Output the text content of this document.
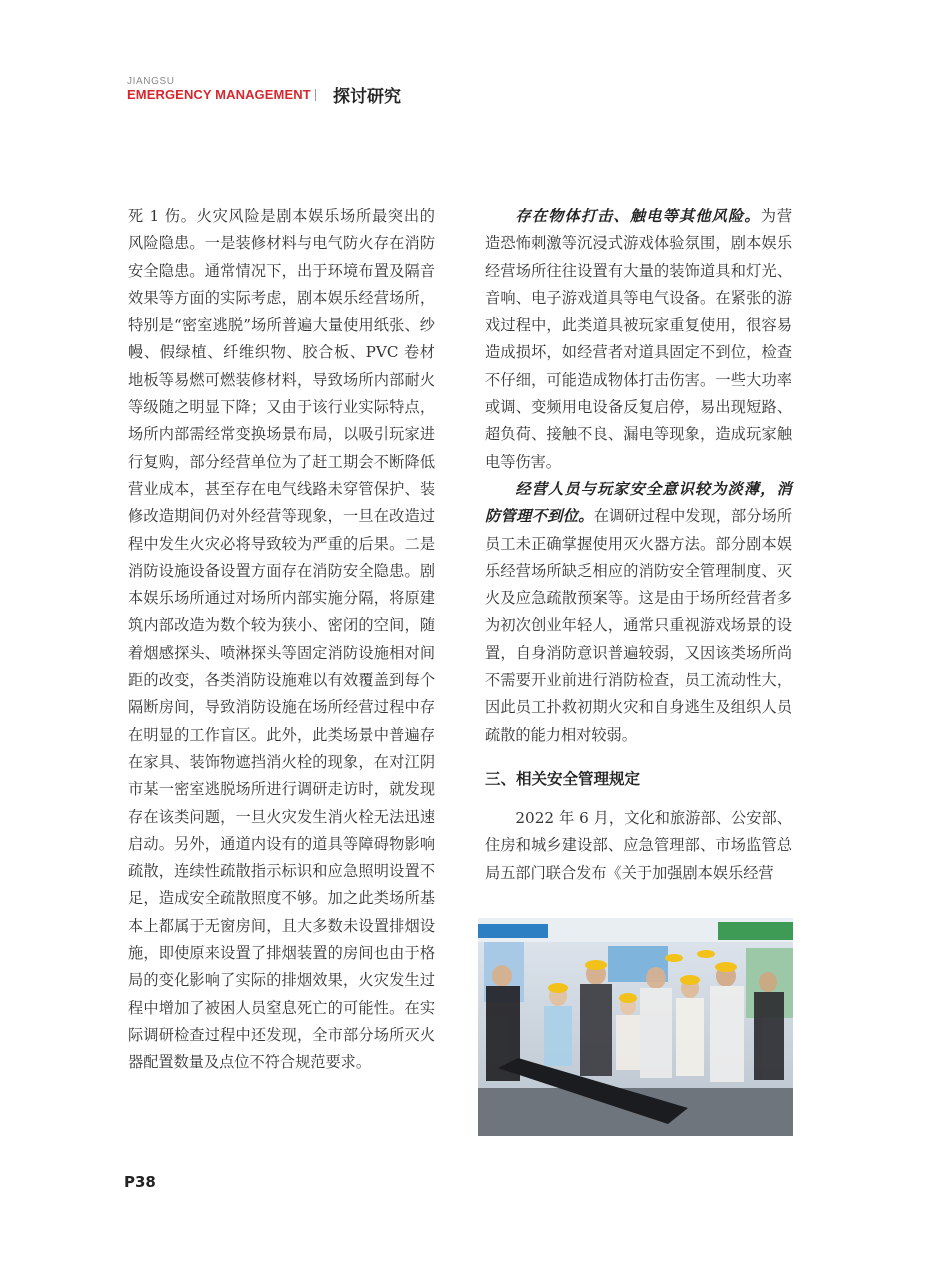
JIANGSU
EMERGENCY MANAGEMENT 探讨研究

死 1 伤。火灾风险是剧本娱乐场所最突出的风险隐患。一是装修材料与电气防火存在消防安全隐患。通常情况下，出于环境布置及隔音效果等方面的实际考虑，剧本娱乐经营场所，特别是“密室逃脱”场所普遍大量使用纸张、纱幔、假绿植、纤维织物、胶合板、PVC 卷材地板等易燃可燃装修材料，导致场所内部耐火等级随之明显下降；又由于该行业实际特点，场所内部需经常变换场景布局，以吸引玩家进行复购，部分经营单位为了赶工期会不断降低营业成本，甚至存在电气线路未穿管保护、装修改造期间仍对外经营等现象，一旦在改造过程中发生火灾必将导致较为严重的后果。二是消防设施设备设置方面存在消防安全隐患。剧本娱乐场所通过对场所内部实施分隔，将原建筑内部改造为数个较为狭小、密闭的空间，随着烟感探头、喷淋探头等固定消防设施相对间距的改变，各类消防设施难以有效覆盖到每个隔断房间，导致消防设施在场所经营过程中存在明显的工作盲区。此外，此类场景中普遍存在家具、装饰物遮挡消火栓的现象，在对江阴市某一密室逃脱场所进行调研走访时，就发现存在该类问题，一旦火灾发生消火栓无法迅速启动。另外，通道内设有的道具等障碍物影响疏散，连续性疏散指示标识和应急照明设置不足，造成安全疏散照度不够。加之此类场所基本上都属于无窗房间，且大多数未设置排烟设施，即使原来设置了排烟装置的房间也由于格局的变化影响了实际的排烟效果，火灾发生过程中增加了被困人员窒息死亡的可能性。在实际调研检查过程中还发现，全市部分场所灭火器配置数量及点位不符合规范要求。

存在物体打击、触电等其他风险。为营造恐怖刺激等沉浸式游戏体验氛围，剧本娱乐经营场所往往设置有大量的装饰道具和灯光、音响、电子游戏道具等电气设备。在紧张的游戏过程中，此类道具被玩家重复使用，很容易造成损坏，如经营者对道具固定不到位，检查不仔细，可能造成物体打击伤害。一些大功率或调、变频用电设备反复启停，易出现短路、超负荷、接触不良、漏电等现象，造成玩家触电等伤害。

经营人员与玩家安全意识较为淡薄，消防管理不到位。在调研过程中发现，部分场所员工未正确掌握使用灭火器方法。部分剧本娱乐经营场所缺乏相应的消防安全管理制度、灭火及应急疏散预案等。这是由于场所经营者多为初次创业年轻人，通常只重视游戏场景的设置，自身消防意识普遍较弱，又因该类场所尚不需要开业前进行消防检查，员工流动性大，因此员工扑救初期火灾和自身逃生及组织人员疏散的能力相对较弱。

三、相关安全管理规定

2022 年 6 月，文化和旅游部、公安部、住房和城乡建设部、应急管理部、市场监管总局五部门联合发布《关于加强剧本娱乐经营

P38
